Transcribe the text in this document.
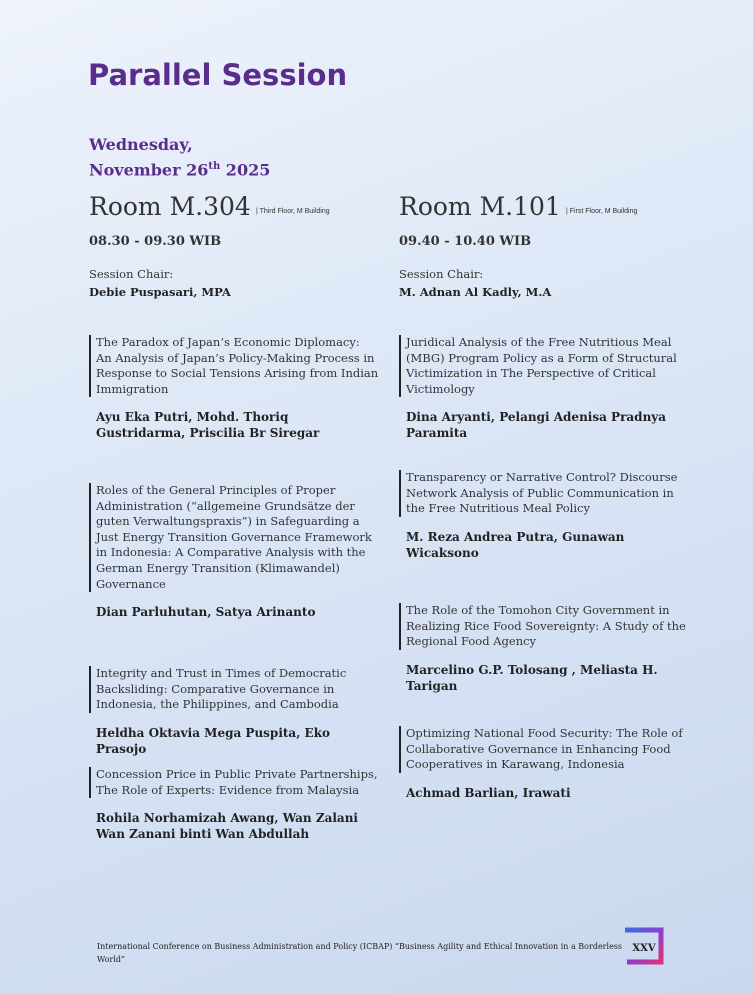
Parallel Session
Wednesday,
November 26th 2025
Room M.304 | Third Floor, M Building
08.30 - 09.30 WIB
Session Chair:
Debie Puspasari, MPA
The Paradox of Japan’s Economic Diplomacy: An Analysis of Japan’s Policy-Making Process in Response to Social Tensions Arising from Indian Immigration
Ayu Eka Putri, Mohd. Thoriq Gustridarma, Priscilia Br Siregar
Roles of the General Principles of Proper Administration (“allgemeine Grundsätze der guten Verwaltungspraxis”) in Safeguarding a Just Energy Transition Governance Framework in Indonesia: A Comparative Analysis with the German Energy Transition (Klimawandel) Governance
Dian Parluhutan, Satya Arinanto
Integrity and Trust in Times of Democratic Backsliding: Comparative Governance in Indonesia, the Philippines, and Cambodia
Heldha Oktavia Mega Puspita, Eko Prasojo
Concession Price in Public Private Partnerships, The Role of Experts: Evidence from Malaysia
Rohila Norhamizah Awang, Wan Zalani Wan Zanani binti Wan Abdullah
Room M.101 | First Floor, M Building
09.40 - 10.40 WIB
Session Chair:
M. Adnan Al Kadly, M.A
Juridical Analysis of the Free Nutritious Meal (MBG) Program Policy as a Form of Structural Victimization in The Perspective of Critical Victimology
Dina Aryanti, Pelangi Adenisa Pradnya Paramita
Transparency or Narrative Control? Discourse Network Analysis of Public Communication in the Free Nutritious Meal Policy
M. Reza Andrea Putra, Gunawan Wicaksono
The Role of the Tomohon City Government in Realizing Rice Food Sovereignty: A Study of the Regional Food Agency
Marcelino G.P. Tolosang , Meliasta H. Tarigan
Optimizing National Food Security: The Role of Collaborative Governance in Enhancing Food Cooperatives in Karawang, Indonesia
Achmad Barlian, Irawati
International Conference on Business Administration and Policy (ICBAP) “Business Agility and Ethical Innovation in a Borderless World”
XXV
